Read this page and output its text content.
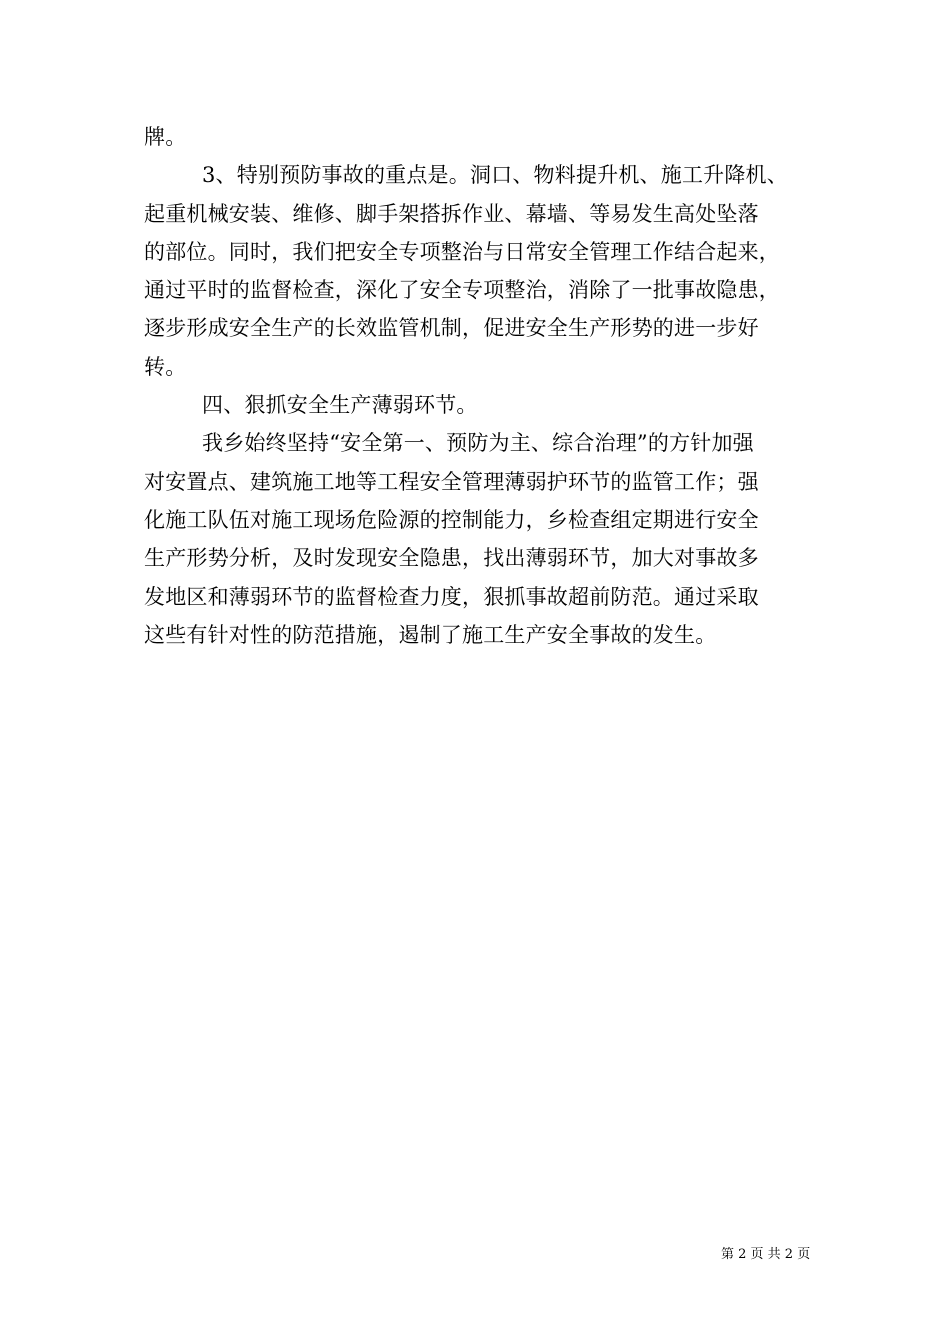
牌。

3、特别预防事故的重点是。洞口、物料提升机、施工升降机、
起重机械安装、维修、脚手架搭拆作业、幕墙、等易发生高处坠落
的部位。同时，我们把安全专项整治与日常安全管理工作结合起来，
通过平时的监督检查，深化了安全专项整治，消除了一批事故隐患，
逐步形成安全生产的长效监管机制，促进安全生产形势的进一步好
转。

四、狠抓安全生产薄弱环节。

我乡始终坚持“安全第一、预防为主、综合治理”的方针加强
对安置点、建筑施工地等工程安全管理薄弱护环节的监管工作；强
化施工队伍对施工现场危险源的控制能力，乡检查组定期进行安全
生产形势分析，及时发现安全隐患，找出薄弱环节，加大对事故多
发地区和薄弱环节的监督检查力度，狠抓事故超前防范。通过采取
这些有针对性的防范措施，遏制了施工生产安全事故的发生。

第 2 页 共 2 页
